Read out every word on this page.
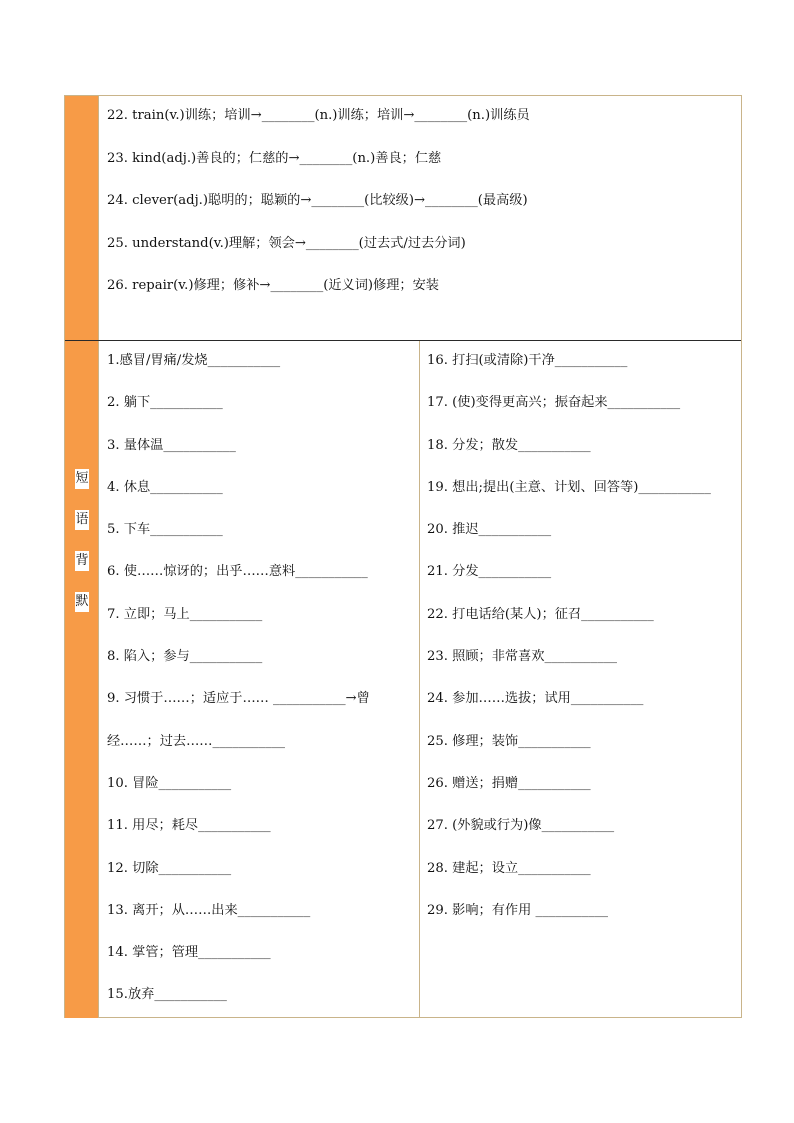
22. train(v.)训练；培训→________(n.)训练；培训→________(n.)训练员
23. kind(adj.)善良的；仁慈的→________(n.)善良；仁慈
24. clever(adj.)聪明的；聪颖的→________(比较级)→________(最高级)
25. understand(v.)理解；领会→________(过去式/过去分词)
26. repair(v.)修理；修补→________(近义词)修理；安装
短
语
背
默
1.感冒/胃痛/发烧___________
2. 躺下___________
3. 量体温___________
4. 休息___________
5. 下车___________
6. 使……惊讶的；出乎……意料___________
7. 立即；马上___________
8. 陷入；参与___________
9. 习惯于……；适应于…… ___________→曾
经……；过去……___________
10. 冒险___________
11. 用尽；耗尽___________
12. 切除___________
13. 离开；从……出来___________
14. 掌管；管理___________
15.放弃___________
16. 打扫(或清除)干净___________
17. (使)变得更高兴；振奋起来___________
18. 分发；散发___________
19. 想出;提出(主意、计划、回答等)___________
20. 推迟___________
21. 分发___________
22. 打电话给(某人)；征召___________
23. 照顾；非常喜欢___________
24. 参加……选拔；试用___________
25. 修理；装饰___________
26. 赠送；捐赠___________
27. (外貌或行为)像___________
28. 建起；设立___________
29. 影响；有作用 ___________
